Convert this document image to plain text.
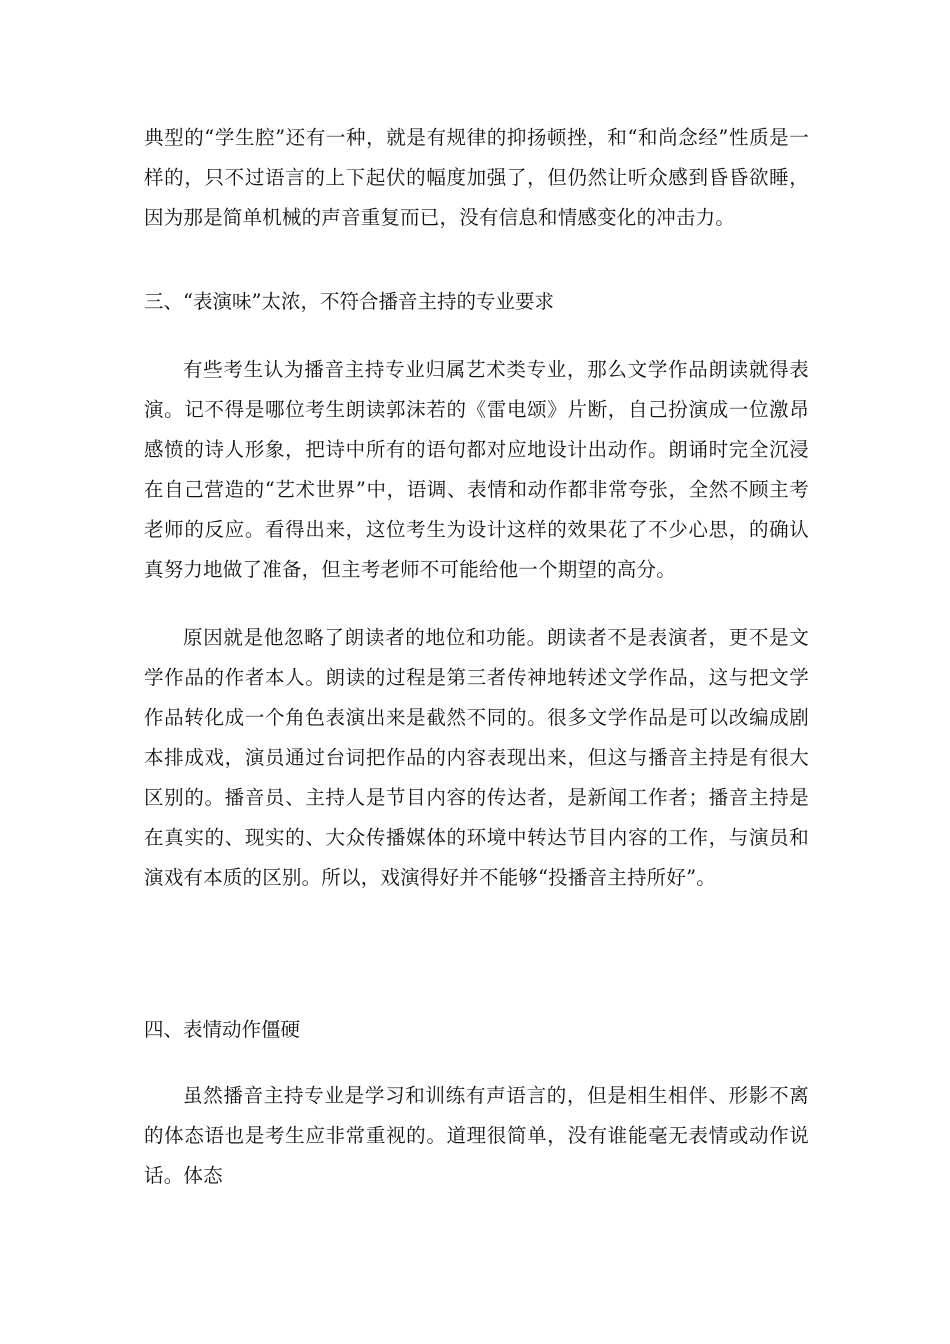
典型的“学生腔”还有一种，就是有规律的抑扬顿挫，和“和尚念经”性质是一样的，只不过语言的上下起伏的幅度加强了，但仍然让听众感到昏昏欲睡，因为那是简单机械的声音重复而已，没有信息和情感变化的冲击力。

三、“表演味”太浓，不符合播音主持的专业要求

有些考生认为播音主持专业归属艺术类专业，那么文学作品朗读就得表演。记不得是哪位考生朗读郭沫若的《雷电颂》片断，自己扮演成一位激昂感愤的诗人形象，把诗中所有的语句都对应地设计出动作。朗诵时完全沉浸在自己营造的“艺术世界”中，语调、表情和动作都非常夸张，全然不顾主考老师的反应。看得出来，这位考生为设计这样的效果花了不少心思，的确认真努力地做了准备，但主考老师不可能给他一个期望的高分。

原因就是他忽略了朗读者的地位和功能。朗读者不是表演者，更不是文学作品的作者本人。朗读的过程是第三者传神地转述文学作品，这与把文学作品转化成一个角色表演出来是截然不同的。很多文学作品是可以改编成剧本排成戏，演员通过台词把作品的内容表现出来，但这与播音主持是有很大区别的。播音员、主持人是节目内容的传达者，是新闻工作者；播音主持是在真实的、现实的、大众传播媒体的环境中转达节目内容的工作，与演员和演戏有本质的区别。所以，戏演得好并不能够“投播音主持所好”。

四、表情动作僵硬

虽然播音主持专业是学习和训练有声语言的，但是相生相伴、形影不离的体态语也是考生应非常重视的。道理很简单，没有谁能毫无表情或动作说话。体态
